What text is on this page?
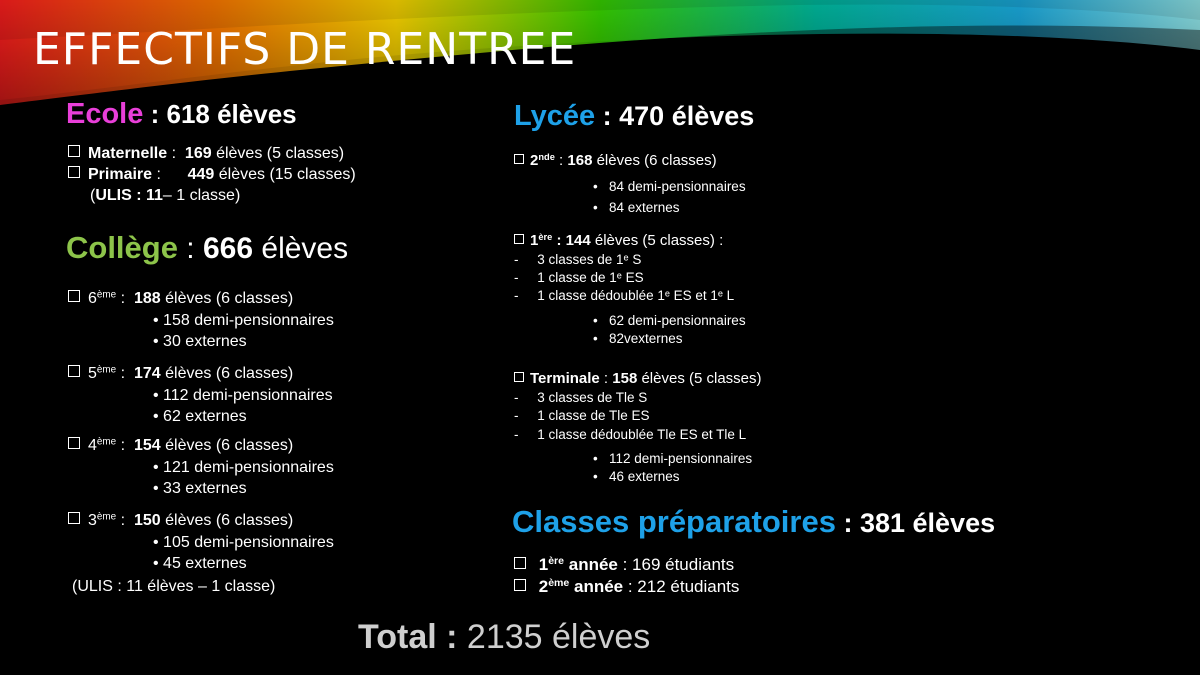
EFFECTIFS DE RENTREE
Ecole : 618 élèves
Maternelle :  169 élèves (5 classes)
Primaire :      449 élèves (15 classes)
(ULIS : 11– 1 classe)
Collège : 666 élèves
6ème :  188 élèves (6 classes)
• 158 demi-pensionnaires
• 30 externes
5ème :  174 élèves (6 classes)
• 112 demi-pensionnaires
• 62 externes
4ème :  154 élèves (6 classes)
• 121 demi-pensionnaires
• 33 externes
3ème :  150 élèves (6 classes)
• 105 demi-pensionnaires
• 45 externes
(ULIS : 11 élèves – 1 classe)
Lycée : 470 élèves
2nde : 168 élèves (6 classes)
•   84 demi-pensionnaires
•   84 externes
1ère : 144 élèves (5 classes) :
-     3 classes de 1ᵉ S
-     1 classe de 1ᵉ ES
-     1 classe dédoublée 1ᵉ ES et 1ᵉ L
•   62 demi-pensionnaires
•   82vexternes
Terminale : 158 élèves (5 classes)
-     3 classes de Tle S
-     1 classe de Tle ES
-     1 classe dédoublée Tle ES et Tle L
•   112 demi-pensionnaires
•   46 externes
Classes préparatoires : 381 élèves
1ère année : 169 étudiants
2ème année : 212 étudiants
Total : 2135 élèves
